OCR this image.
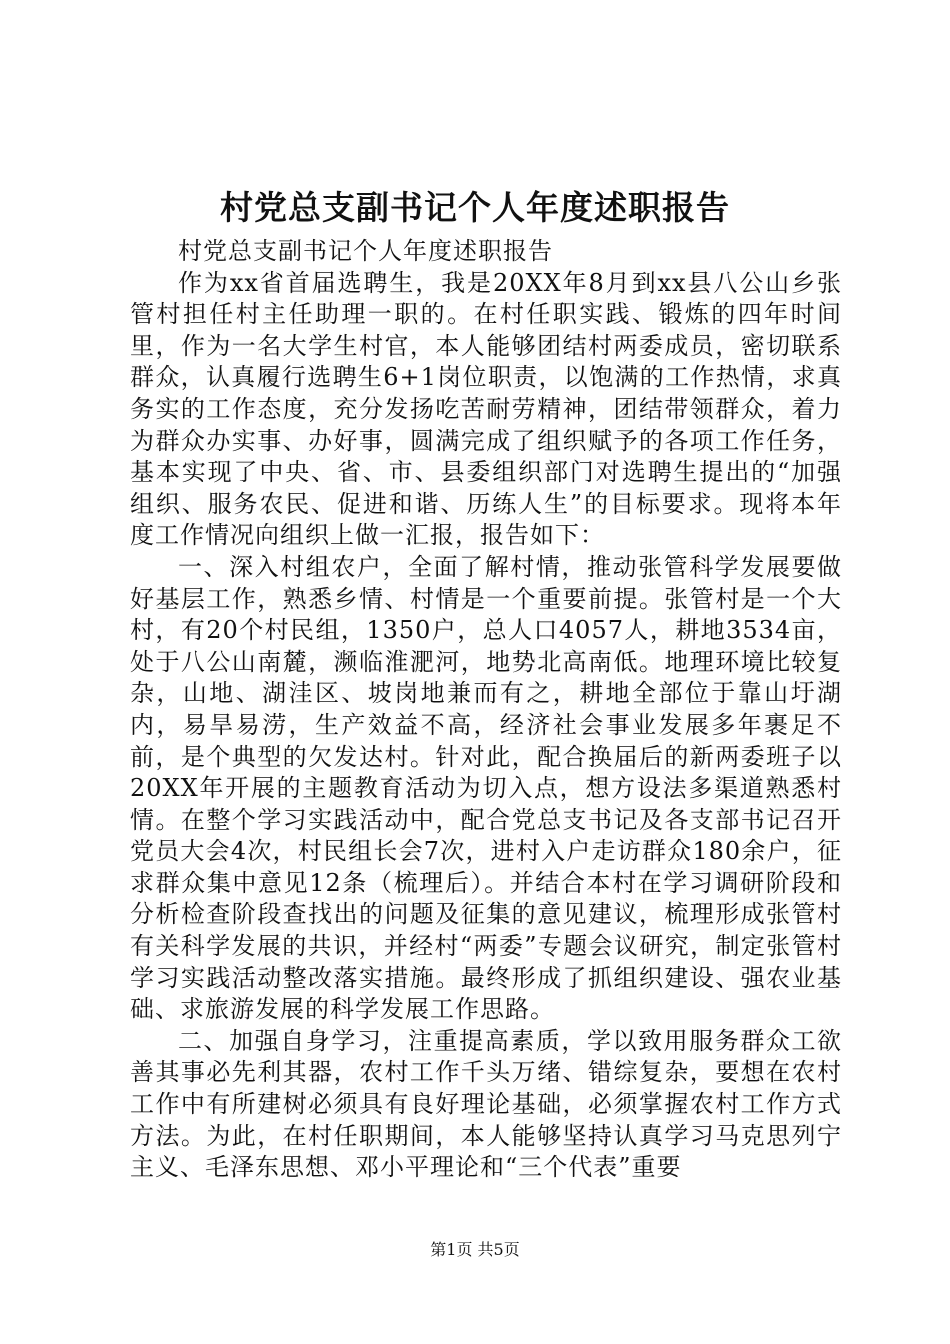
村党总支副书记个人年度述职报告

村党总支副书记个人年度述职报告

作为xx省首届选聘生，我是20XX年8月到xx县八公山乡张管村担任村主任助理一职的。在村任职实践、锻炼的四年时间里，作为一名大学生村官，本人能够团结村两委成员，密切联系群众，认真履行选聘生6+1岗位职责，以饱满的工作热情，求真务实的工作态度，充分发扬吃苦耐劳精神，团结带领群众，着力为群众办实事、办好事，圆满完成了组织赋予的各项工作任务，基本实现了中央、省、市、县委组织部门对选聘生提出的“加强组织、服务农民、促进和谐、历练人生”的目标要求。现将本年度工作情况向组织上做一汇报，报告如下：

一、深入村组农户，全面了解村情，推动张管科学发展要做好基层工作，熟悉乡情、村情是一个重要前提。张管村是一个大村，有20个村民组，1350户，总人口4057人，耕地3534亩，处于八公山南麓，濒临淮淝河，地势北高南低。地理环境比较复杂，山地、湖洼区、坡岗地兼而有之，耕地全部位于靠山圩湖内，易旱易涝，生产效益不高，经济社会事业发展多年裹足不前，是个典型的欠发达村。针对此，配合换届后的新两委班子以20XX年开展的主题教育活动为切入点，想方设法多渠道熟悉村情。在整个学习实践活动中，配合党总支书记及各支部书记召开党员大会4次，村民组长会7次，进村入户走访群众180余户，征求群众集中意见12条（梳理后）。并结合本村在学习调研阶段和分析检查阶段查找出的问题及征集的意见建议，梳理形成张管村有关科学发展的共识，并经村“两委”专题会议研究，制定张管村学习实践活动整改落实措施。最终形成了抓组织建设、强农业基础、求旅游发展的科学发展工作思路。

二、加强自身学习，注重提高素质，学以致用服务群众工欲善其事必先利其器，农村工作千头万绪、错综复杂，要想在农村工作中有所建树必须具有良好理论基础，必须掌握农村工作方式方法。为此，在村任职期间，本人能够坚持认真学习马克思列宁主义、毛泽东思想、邓小平理论和“三个代表”重要

第1页 共5页
